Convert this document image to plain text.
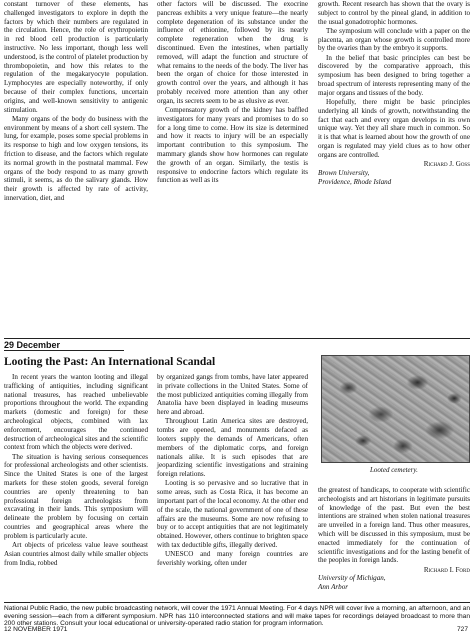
constant turnover of these elements, has challenged investigators to explore in depth the factors by which their numbers are regulated in the circulation. Hence, the role of erythropoietin in red blood cell production is particularly instructive. No less important, though less well understood, is the control of platelet production by thrombopoietin, and how this relates to the regulation of the megakaryocyte population. Lymphocytes are especially noteworthy, if only because of their complex functions, uncertain origins, and well-known sensitivity to antigenic stimulation.

Many organs of the body do business with the environment by means of a short cell system. The lung, for example, poses some special problems in its response to high and low oxygen tensions, its friction to disease, and the factors which regulate its normal growth in the postnatal mammal. Few organs of the body respond to as many growth stimuli, it seems, as do the salivary glands. How their growth is affected by rate of activity, innervation, diet, and

other factors will be discussed. The exocrine pancreas exhibits a very unique feature—the nearly complete degeneration of its substance under the influence of ethionine, followed by its nearly complete regeneration when the drug is discontinued. Even the intestines, when partially removed, will adapt the function and structure of what remains to the needs of the body. The liver has been the organ of choice for those interested in growth control over the years, and although it has probably received more attention than any other organ, its secrets seem to be as elusive as ever.

Compensatory growth of the kidney has baffled investigators for many years and promises to do so for a long time to come. How its size is determined and how it reacts to injury will be an especially important contribution to this symposium. The mammary glands show how hormones can regulate the growth of an organ. Similarly, the testis is responsive to endocrine factors which regulate its function as well as its

growth. Recent research has shown that the ovary is subject to control by the pineal gland, in addition to the usual gonadotrophic hormones.

The symposium will conclude with a paper on the placenta, an organ whose growth is controlled more by the ovaries than by the embryo it supports.

In the belief that basic principles can best be discovered by the comparative approach, this symposium has been designed to bring together a broad spectrum of interests representing many of the major organs and tissues of the body.

Hopefully, there might be basic principles underlying all kinds of growth, notwithstanding the fact that each and every organ develops in its own unique way. Yet they all share much in common. So it is that what is learned about how the growth of one organ is regulated may yield clues as to how other organs are controlled.

Richard J. Goss
Brown University,
Providence, Rhode Island
29 December
Looting the Past: An International Scandal

In recent years the wanton looting and illegal trafficking of antiquities, including significant national treasures, has reached unbelievable proportions throughout the world. The expanding markets (domestic and foreign) for these archeological objects, combined with lax enforcement, encourages the continued destruction of archeological sites and the scientific context from which the objects were derived.

The situation is having serious consequences for professional archeologists and other scientists. Since the United States is one of the largest markets for these stolen goods, several foreign countries are openly threatening to ban professional foreign archeologists from excavating in their lands. This symposium will delineate the problem by focusing on certain countries and geographical areas where the problem is particularly acute.

Art objects of priceless value leave southeast Asian countries almost daily while smaller objects from India, robbed

by organized gangs from tombs, have later appeared in private collections in the United States. Some of the most publicized antiquities coming illegally from Anatolia have been displayed in leading museums here and abroad.

Throughout Latin America sites are destroyed, tombs are opened, and monuments defaced as looters supply the demands of Americans, often members of the diplomatic corps, and foreign nationals alike. It is such episodes that are jeopardizing scientific investigations and straining foreign relations.

Looting is so pervasive and so lucrative that in some areas, such as Costa Rica, it has become an important part of the local economy. At the other end of the scale, the national government of one of these affairs are the museums. Some are now refusing to buy or to accept antiquities that are not legitimately obtained. However, others continue to brighten space with tax deductible gifts, illegally derived.

UNESCO and many foreign countries are feverishly working, often under

Looted cemetery.

the greatest of handicaps, to cooperate with scientific archeologists and art historians in legitimate pursuits of knowledge of the past. But even the best intentions are strained when stolen national treasures are unveiled in a foreign land. Thus other measures, which will be discussed in this symposium, must be enacted immediately for the continuation of scientific investigations and for the lasting benefit of the peoples in foreign lands.

Richard I. Ford
University of Michigan,
Ann Arbor
National Public Radio, the new public broadcasting network, will cover the 1971 Annual Meeting. For 4 days NPR will cover live a morning, an afternoon, and an evening session—each from a different symposium. NPR has 110 interconnected stations and will make tapes for recordings delayed broadcast to more than 200 other stations. Consult your local educational or university-operated radio station for program information.
12 NOVEMBER 1971	727
